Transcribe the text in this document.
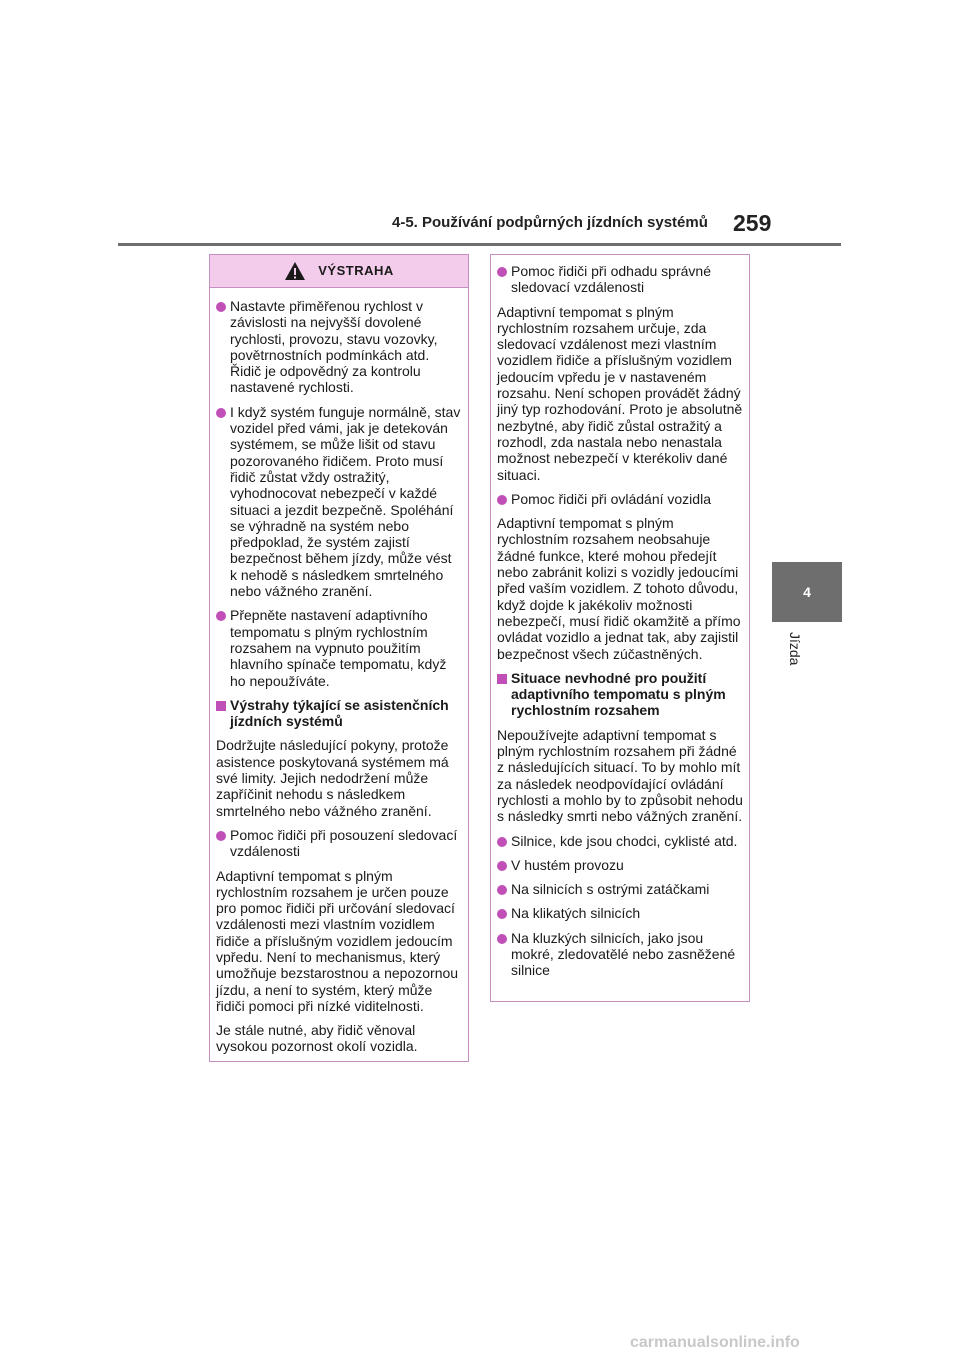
4-5. Používání podpůrných jízdních systémů 259
4
Jízda
VÝSTRAHA
Nastavte přiměřenou rychlost v závislosti na nejvyšší dovolené rychlosti, provozu, stavu vozovky, povětrnostních podmínkách atd. Řidič je odpovědný za kontrolu nastavené rychlosti.
I když systém funguje normálně, stav vozidel před vámi, jak je detekován systémem, se může lišit od stavu pozorovaného řidičem. Proto musí řidič zůstat vždy ostražitý, vyhodnocovat nebezpečí v každé situaci a jezdit bezpečně. Spoléhání se výhradně na systém nebo předpoklad, že systém zajistí bezpečnost během jízdy, může vést k nehodě s následkem smrtelného nebo vážného zranění.
Přepněte nastavení adaptivního tempomatu s plným rychlostním rozsahem na vypnuto použitím hlavního spínače tempomatu, když ho nepoužíváte.
Výstrahy týkající se asistenčních jízdních systémů
Dodržujte následující pokyny, protože asistence poskytovaná systémem má své limity. Jejich nedodržení může zapříčinit nehodu s následkem smrtelného nebo vážného zranění.
Pomoc řidiči při posouzení sledovací vzdálenosti
Adaptivní tempomat s plným rychlostním rozsahem je určen pouze pro pomoc řidiči při určování sledovací vzdálenosti mezi vlastním vozidlem řidiče a příslušným vozidlem jedoucím vpředu. Není to mechanismus, který umožňuje bezstarostnou a nepozornou jízdu, a není to systém, který může řidiči pomoci při nízké viditelnosti.
Je stále nutné, aby řidič věnoval vysokou pozornost okolí vozidla.
Pomoc řidiči při odhadu správné sledovací vzdálenosti
Adaptivní tempomat s plným rychlostním rozsahem určuje, zda sledovací vzdálenost mezi vlastním vozidlem řidiče a příslušným vozidlem jedoucím vpředu je v nastaveném rozsahu. Není schopen provádět žádný jiný typ rozhodování. Proto je absolutně nezbytné, aby řidič zůstal ostražitý a rozhodl, zda nastala nebo nenastala možnost nebezpečí v kterékoliv dané situaci.
Pomoc řidiči při ovládání vozidla
Adaptivní tempomat s plným rychlostním rozsahem neobsahuje žádné funkce, které mohou předejít nebo zabránit kolizi s vozidly jedoucími před vaším vozidlem. Z tohoto důvodu, když dojde k jakékoliv možnosti nebezpečí, musí řidič okamžitě a přímo ovládat vozidlo a jednat tak, aby zajistil bezpečnost všech zúčastněných.
Situace nevhodné pro použití adaptivního tempomatu s plným rychlostním rozsahem
Nepoužívejte adaptivní tempomat s plným rychlostním rozsahem při žádné z následujících situací. To by mohlo mít za následek neodpovídající ovládání rychlosti a mohlo by to způsobit nehodu s následky smrti nebo vážných zranění.
Silnice, kde jsou chodci, cyklisté atd.
V hustém provozu
Na silnicích s ostrými zatáčkami
Na klikatých silnicích
Na kluzkých silnicích, jako jsou mokré, zledovatělé nebo zasněžené silnice
carmanualsonline.info
